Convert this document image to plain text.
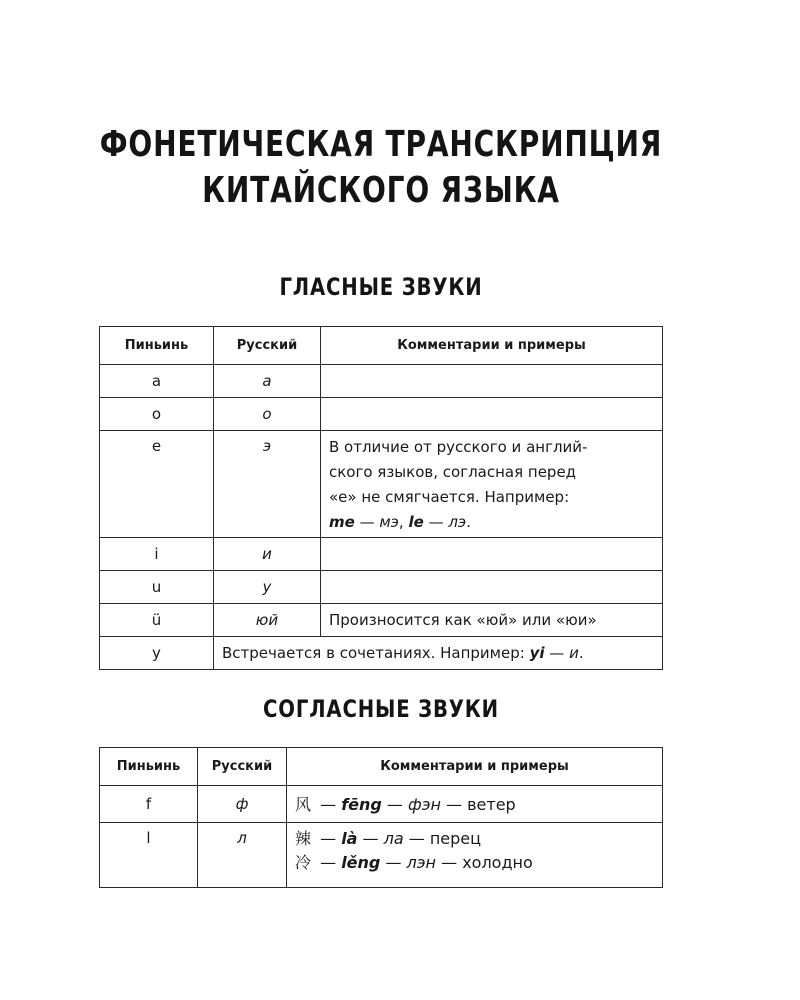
ФОНЕТИЧЕСКАЯ ТРАНСКРИПЦИЯ
КИТАЙСКОГО ЯЗЫКА
ГЛАСНЫЕ ЗВУКИ
Пиньинь	Русский	Комментарии и примеры
a	а	
o	о	
e	э	В отличие от русского и англий-
ского языков, согласная перед
«е» не смягчается. Например:
me — мэ, le — лэ.

i	и	
u	у	
ü	юй	Произносится как «юй» или «юи»
y	Встречается в сочетаниях. Например: yi — и.	
СОГЛАСНЫЕ ЗВУКИ
Пиньинь	Русский	Комментарии и примеры
f	ф	风 — fēng — фэн — ветер

l	л	辣 — là — ла — перец
冷 — lěng — лэн — холодно
